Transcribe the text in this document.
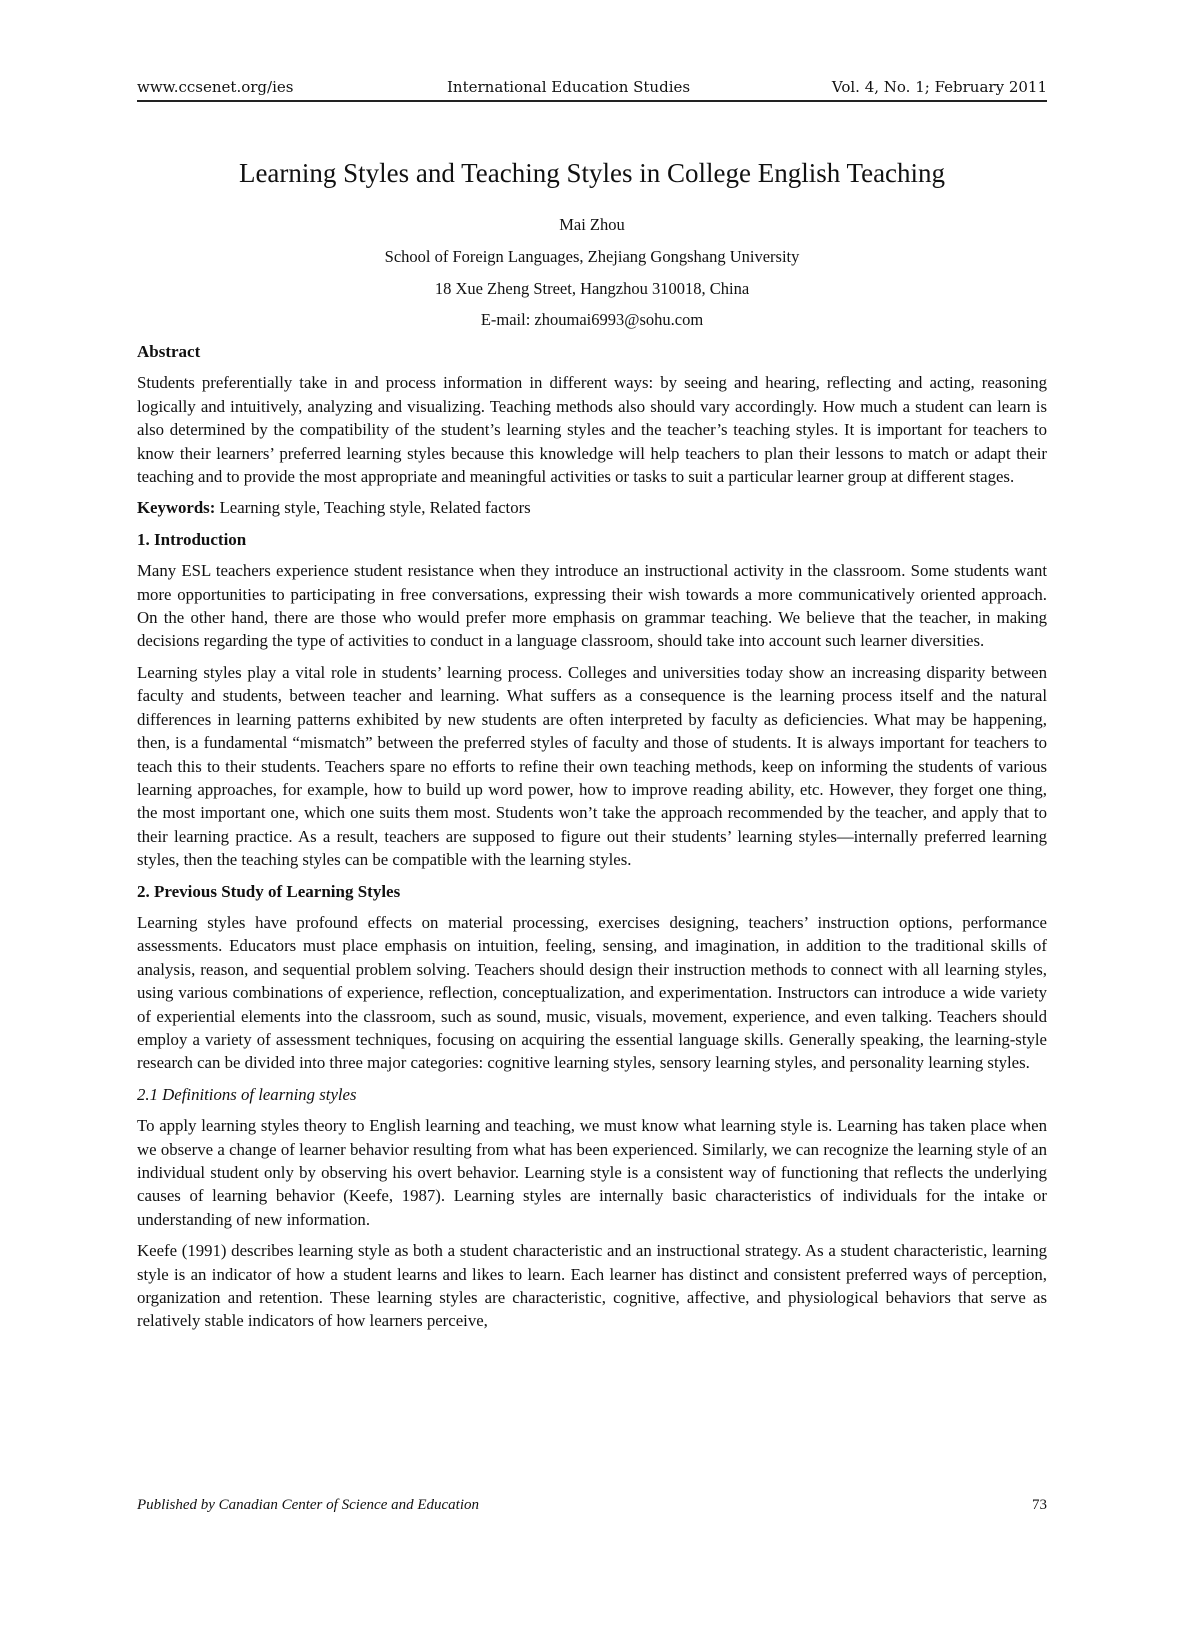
www.ccsenet.org/ies	International Education Studies	Vol. 4, No. 1; February 2011
Learning Styles and Teaching Styles in College English Teaching
Mai Zhou
School of Foreign Languages, Zhejiang Gongshang University
18 Xue Zheng Street, Hangzhou 310018, China
E-mail: zhoumai6993@sohu.com
Abstract

Students preferentially take in and process information in different ways: by seeing and hearing, reflecting and acting, reasoning logically and intuitively, analyzing and visualizing. Teaching methods also should vary accordingly. How much a student can learn is also determined by the compatibility of the student’s learning styles and the teacher’s teaching styles. It is important for teachers to know their learners’ preferred learning styles because this knowledge will help teachers to plan their lessons to match or adapt their teaching and to provide the most appropriate and meaningful activities or tasks to suit a particular learner group at different stages.

Keywords: Learning style, Teaching style, Related factors

1. Introduction

Many ESL teachers experience student resistance when they introduce an instructional activity in the classroom. Some students want more opportunities to participating in free conversations, expressing their wish towards a more communicatively oriented approach. On the other hand, there are those who would prefer more emphasis on grammar teaching. We believe that the teacher, in making decisions regarding the type of activities to conduct in a language classroom, should take into account such learner diversities.

Learning styles play a vital role in students’ learning process. Colleges and universities today show an increasing disparity between faculty and students, between teacher and learning. What suffers as a consequence is the learning process itself and the natural differences in learning patterns exhibited by new students are often interpreted by faculty as deficiencies. What may be happening, then, is a fundamental “mismatch” between the preferred styles of faculty and those of students. It is always important for teachers to teach this to their students. Teachers spare no efforts to refine their own teaching methods, keep on informing the students of various learning approaches, for example, how to build up word power, how to improve reading ability, etc. However, they forget one thing, the most important one, which one suits them most. Students won’t take the approach recommended by the teacher, and apply that to their learning practice. As a result, teachers are supposed to figure out their students’ learning styles—internally preferred learning styles, then the teaching styles can be compatible with the learning styles.

2. Previous Study of Learning Styles

Learning styles have profound effects on material processing, exercises designing, teachers’ instruction options, performance assessments. Educators must place emphasis on intuition, feeling, sensing, and imagination, in addition to the traditional skills of analysis, reason, and sequential problem solving. Teachers should design their instruction methods to connect with all learning styles, using various combinations of experience, reflection, conceptualization, and experimentation. Instructors can introduce a wide variety of experiential elements into the classroom, such as sound, music, visuals, movement, experience, and even talking. Teachers should employ a variety of assessment techniques, focusing on acquiring the essential language skills. Generally speaking, the learning-style research can be divided into three major categories: cognitive learning styles, sensory learning styles, and personality learning styles.

2.1 Definitions of learning styles

To apply learning styles theory to English learning and teaching, we must know what learning style is. Learning has taken place when we observe a change of learner behavior resulting from what has been experienced. Similarly, we can recognize the learning style of an individual student only by observing his overt behavior. Learning style is a consistent way of functioning that reflects the underlying causes of learning behavior (Keefe, 1987). Learning styles are internally basic characteristics of individuals for the intake or understanding of new information.

Keefe (1991) describes learning style as both a student characteristic and an instructional strategy. As a student characteristic, learning style is an indicator of how a student learns and likes to learn. Each learner has distinct and consistent preferred ways of perception, organization and retention. These learning styles are characteristic, cognitive, affective, and physiological behaviors that serve as relatively stable indicators of how learners perceive,

Published by Canadian Center of Science and Education	73
